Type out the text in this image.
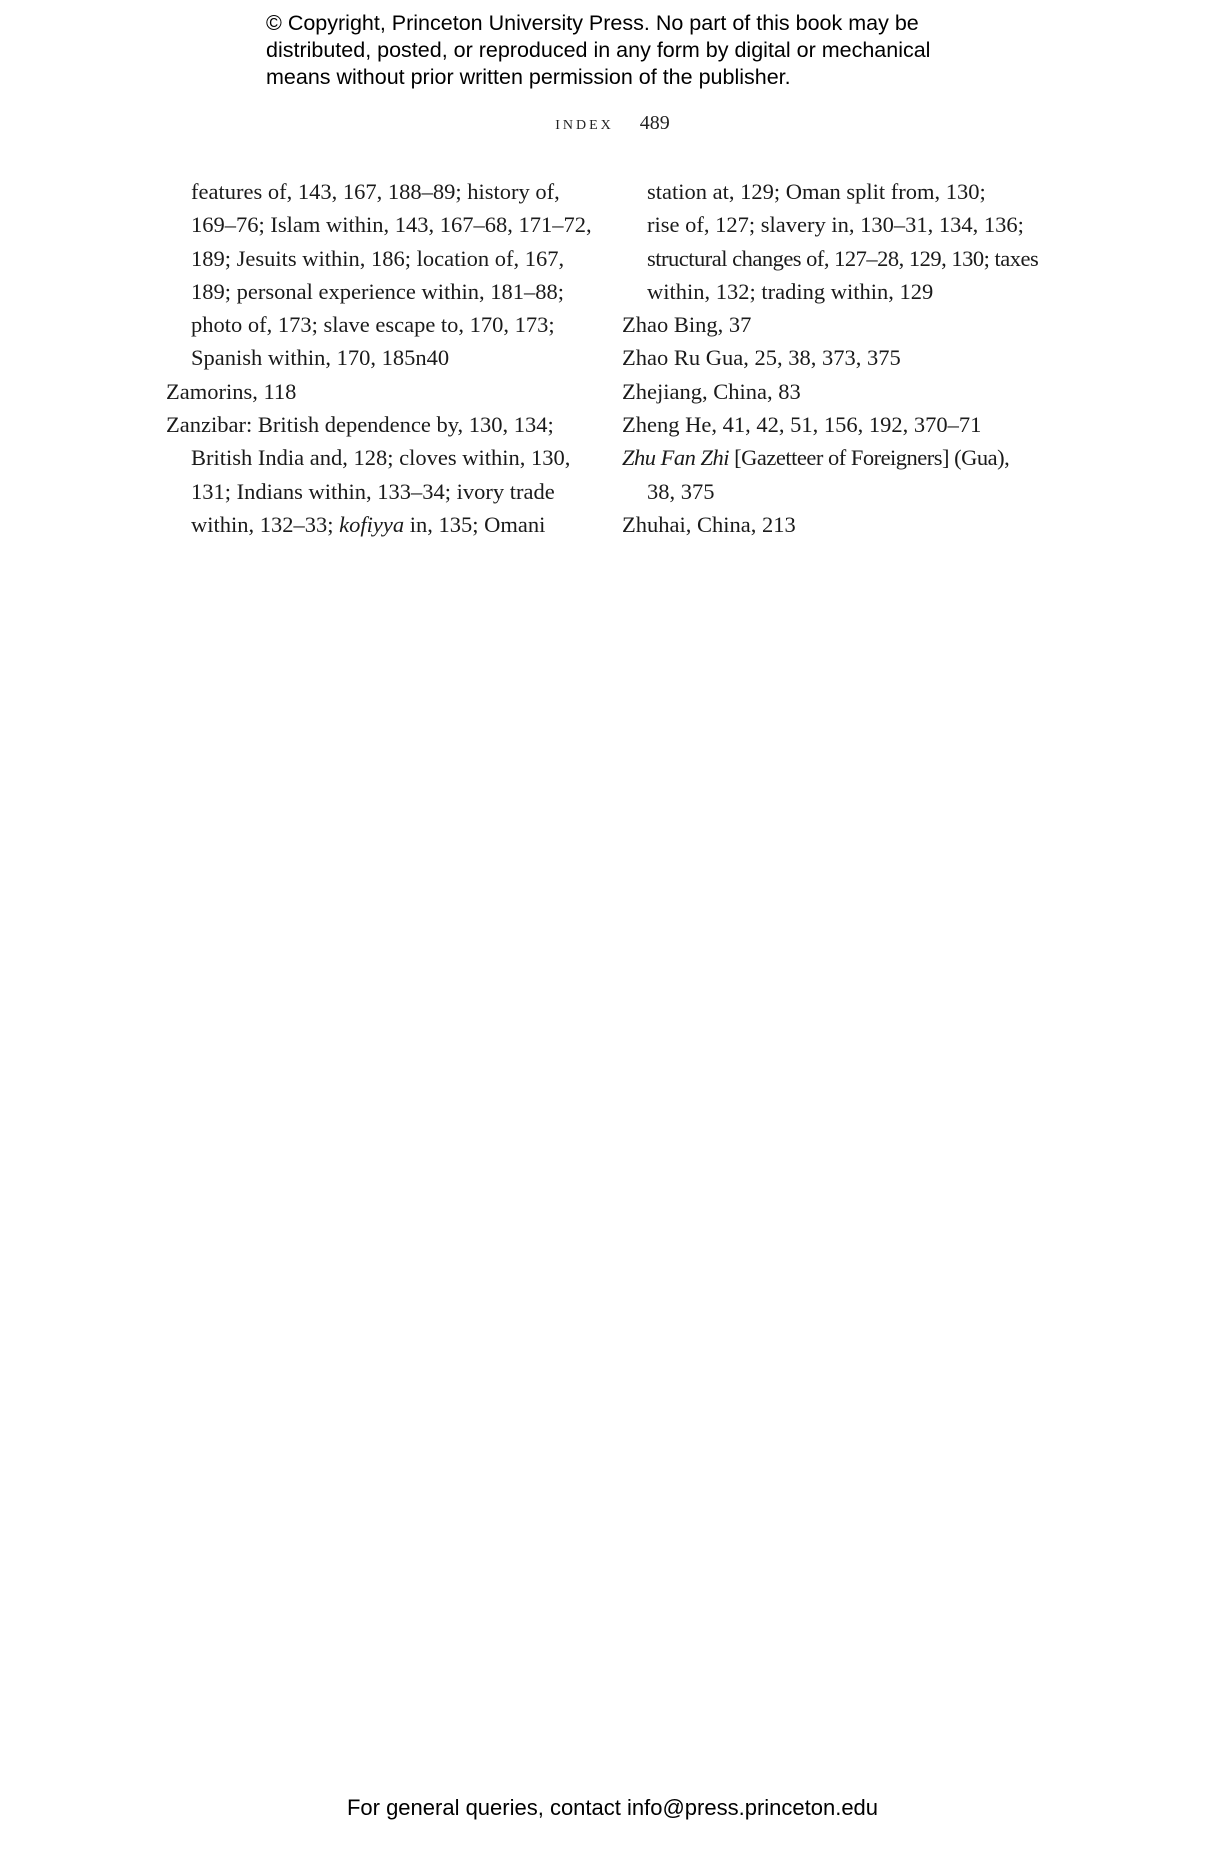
© Copyright, Princeton University Press. No part of this book may be
distributed, posted, or reproduced in any form by digital or mechanical
means without prior written permission of the publisher.
index 489
features of, 143, 167, 188–89; history of,
169–76; Islam within, 143, 167–68, 171–72,
189; Jesuits within, 186; location of, 167,
189; personal experience within, 181–88;
photo of, 173; slave escape to, 170, 173;
Spanish within, 170, 185n40
Zamorins, 118
Zanzibar: British dependence by, 130, 134;
British India and, 128; cloves within, 130,
131; Indians within, 133–34; ivory trade
within, 132–33; kofiyya in, 135; Omani
station at, 129; Oman split from, 130;
rise of, 127; slavery in, 130–31, 134, 136;
structural changes of, 127–28, 129, 130; taxes
within, 132; trading within, 129
Zhao Bing, 37
Zhao Ru Gua, 25, 38, 373, 375
Zhejiang, China, 83
Zheng He, 41, 42, 51, 156, 192, 370–71
Zhu Fan Zhi [Gazetteer of Foreigners] (Gua),
38, 375
Zhuhai, China, 213
For general queries, contact info@press.princeton.edu
